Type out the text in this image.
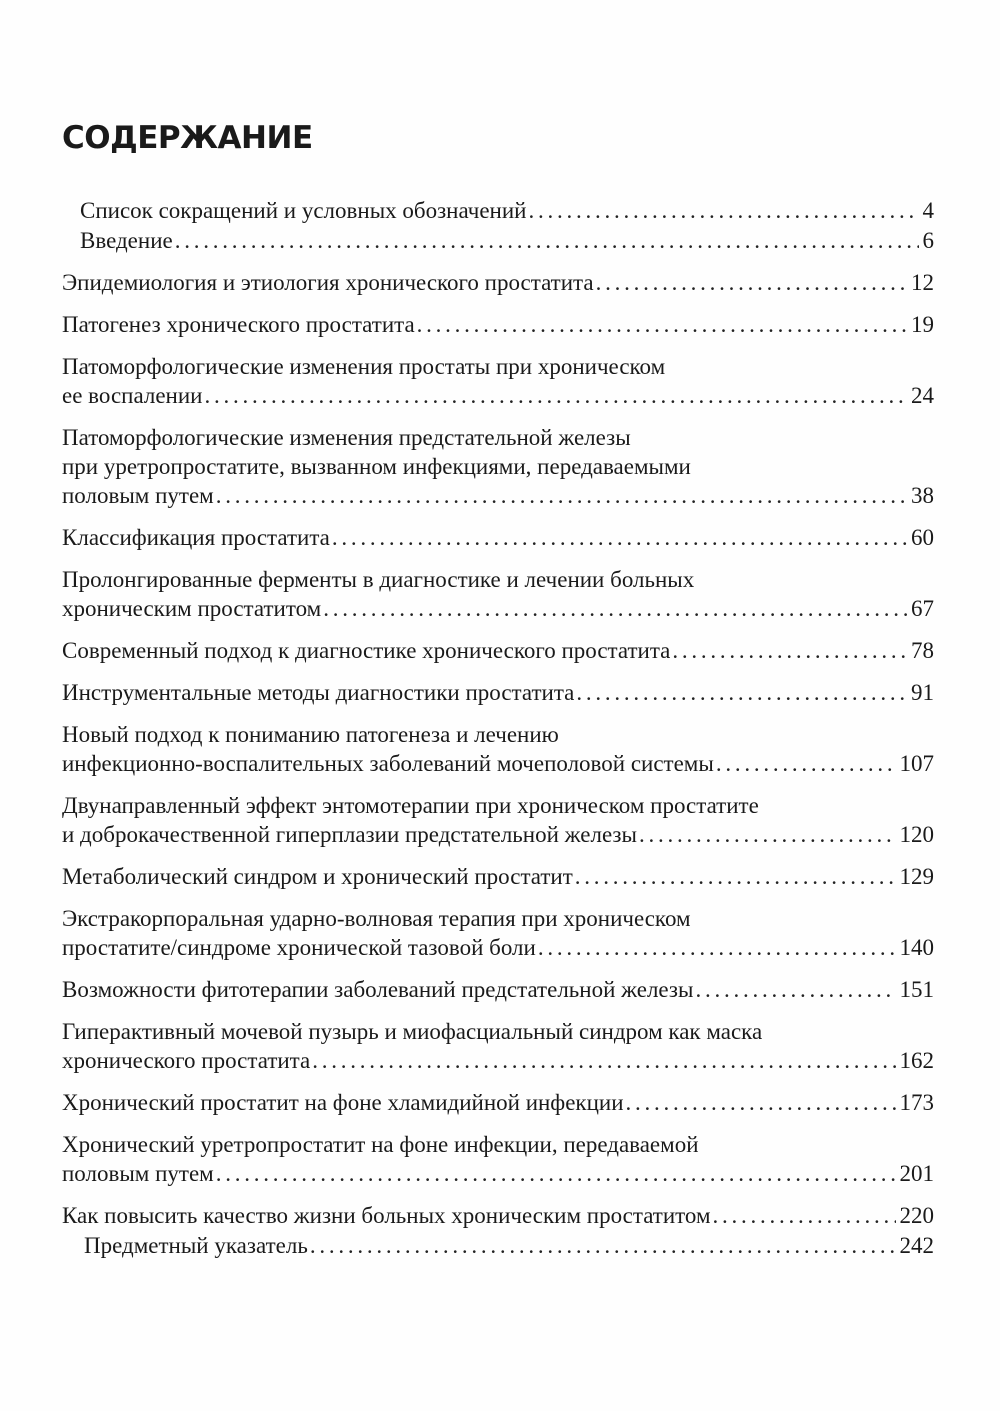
СОДЕРЖАНИЕ
Список сокращений и условных обозначений . . .	4
Введение . . .	6
Эпидемиология и этиология хронического простатита . . .	12
Патогенез хронического простатита . . .	19
Патоморфологические изменения простаты при хроническом
ее воспалении . . .	24
Патоморфологические изменения предстательной железы
при уретропростатите, вызванном инфекциями, передаваемыми
половым путем . . .	38
Классификация простатита . . .	60
Пролонгированные ферменты в диагностике и лечении больных
хроническим простатитом . . .	67
Современный подход к диагностике хронического простатита . . .	78
Инструментальные методы диагностики простатита . . .	91
Новый подход к пониманию патогенеза и лечению
инфекционно-воспалительных заболеваний мочеполовой системы . . .	107
Двунаправленный эффект энтомотерапии при хроническом простатите
и доброкачественной гиперплазии предстательной железы . . .	120
Метаболический синдром и хронический простатит . . .	129
Экстракорпоральная ударно-волновая терапия при хроническом
простатите/синдроме хронической тазовой боли . . .	140
Возможности фитотерапии заболеваний предстательной железы . . .	151
Гиперактивный мочевой пузырь и миофасциальный синдром как маска
хронического простатита . . .	162
Хронический простатит на фоне хламидийной инфекции . . .	173
Хронический уретропростатит на фоне инфекции, передаваемой
половым путем . . .	201
Как повысить качество жизни больных хроническим простатитом . . .	220
Предметный указатель . . .	242
